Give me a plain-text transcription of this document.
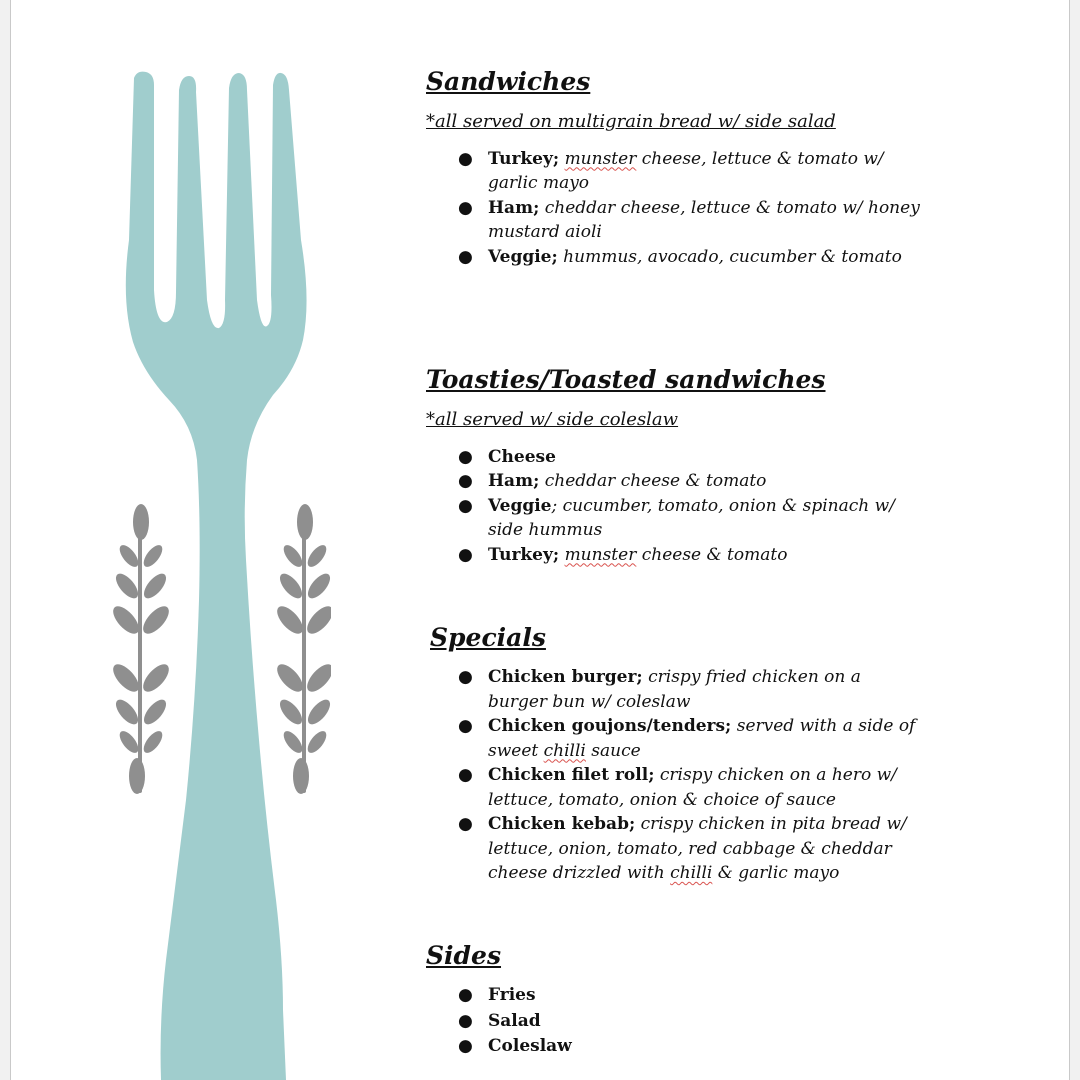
Sandwiches

*all served on multigrain bread w/ side salad

● Turkey; munster cheese, lettuce & tomato w/ garlic mayo
● Ham; cheddar cheese, lettuce & tomato w/ honey mustard aioli
● Veggie; hummus, avocado, cucumber & tomato
Toasties/Toasted sandwiches

*all served w/ side coleslaw

● Cheese
● Ham; cheddar cheese & tomato
● Veggie; cucumber, tomato, onion & spinach w/ side hummus
● Turkey; munster cheese & tomato
Specials
● Chicken burger; crispy fried chicken on a burger bun w/ coleslaw
● Chicken goujons/tenders; served with a side of sweet chilli sauce
● Chicken filet roll; crispy chicken on a hero w/ lettuce, tomato, onion & choice of sauce
● Chicken kebab; crispy chicken in pita bread w/ lettuce, onion, tomato, red cabbage & cheddar cheese drizzled with chilli & garlic mayo
Sides
● Fries
● Salad
● Coleslaw
